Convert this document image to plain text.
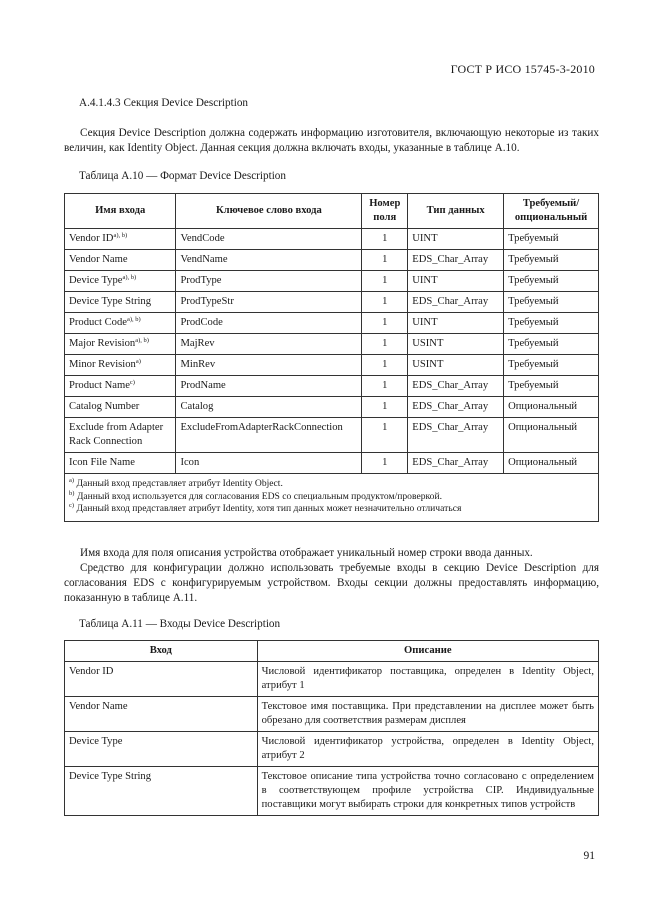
ГОСТ Р ИСО 15745-3-2010
А.4.1.4.3 Секция Device Description
Секция Device Description должна содержать информацию изготовителя, включающую некоторые из таких величин, как Identity Object. Данная секция должна включать входы, указанные в таблице А.10.
Таблица А.10 — Формат Device Description
Имя входа	Ключевое слово входа	Номер поля	Тип данных	Требуемый/ опциональный
Vendor $ID^{a), b)}$	VendCode	1	UINT	Требуемый
Vendor Name	VendName	1	EDS_Char_Array	Требуемый
Device Type$^{a), b)}$	ProdType	1	UINT	Требуемый
Device Type String	ProdTypeStr	1	EDS_Char_Array	Требуемый
Product Code$^{a), b)}$	ProdCode	1	UINT	Требуемый
Major Revision$^{a), b)}$	MajRev	1	USINT	Требуемый
Minor Revision$^{a)}$	MinRev	1	USINT	Требуемый
Product Name$^{c)}$	ProdName	1	EDS_Char_Array	Требуемый
Catalog Number	Catalog	1	EDS_Char_Array	Опциональный
Exclude from Adapter Rack Connection	ExcludeFromAdapterRackConnection	1	EDS_Char_Array	Опциональный
Icon File Name	Icon	1	EDS_Char_Array	Опциональный

$^{a)}$ Данный вход представляет атрибут Identity Object.
$^{b)}$ Данный вход используется для согласования EDS со специальным продуктом/проверкой.
$^{c)}$ Данный вход представляет атрибут Identity, хотя тип данных может незначительно отличаться				
Имя входа для поля описания устройства отображает уникальный номер строки ввода данных.
Средство для конфигурации должно использовать требуемые входы в секцию Device Description для согласования EDS с конфигурируемым устройством. Входы секции должны предоставлять информацию, показанную в таблице А.11.
Таблица А.11 — Входы Device Description
Вход	Описание
Vendor ID	Числовой идентификатор поставщика, определен в Identity Object, атрибут 1
Vendor Name	Текстовое имя поставщика. При представлении на дисплее может быть обрезано для соответствия размерам дисплея
Device Type	Числовой идентификатор устройства, определен в Identity Object, атрибут 2
Device Type String	Текстовое описание типа устройства точно согласовано с определением в соответствующем профиле устройства CIP. Индивидуальные поставщики могут выбирать строки для конкретных типов устройств
91
